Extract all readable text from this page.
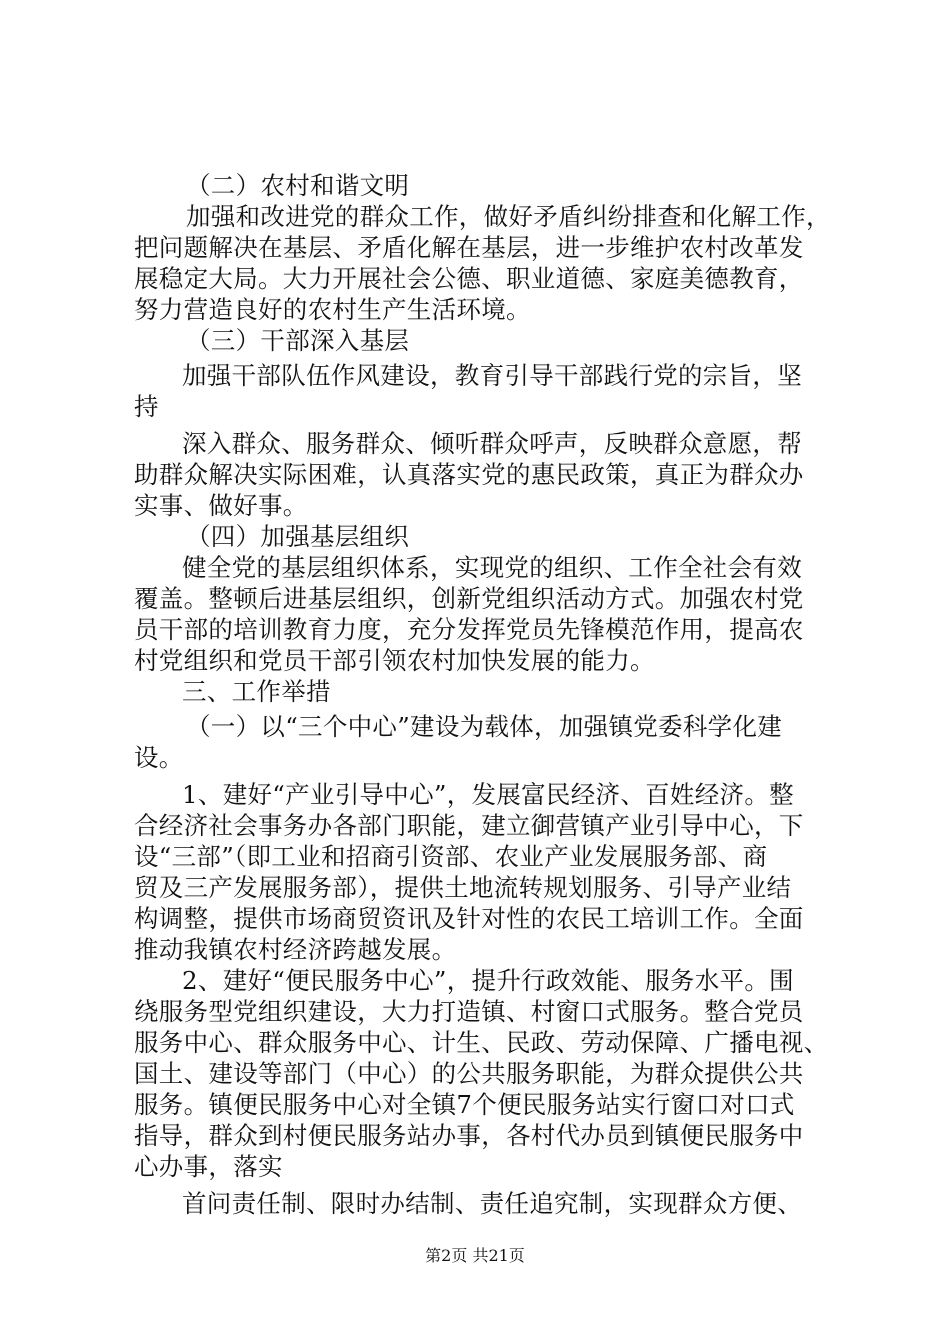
（二）农村和谐文明
加强和改进党的群众工作，做好矛盾纠纷排查和化解工作，
把问题解决在基层、矛盾化解在基层，进一步维护农村改革发
展稳定大局。大力开展社会公德、职业道德、家庭美德教育，
努力营造良好的农村生产生活环境。
（三）干部深入基层
加强干部队伍作风建设，教育引导干部践行党的宗旨，坚
持
深入群众、服务群众、倾听群众呼声，反映群众意愿，帮
助群众解决实际困难，认真落实党的惠民政策，真正为群众办
实事、做好事。
（四）加强基层组织
健全党的基层组织体系，实现党的组织、工作全社会有效
覆盖。整顿后进基层组织，创新党组织活动方式。加强农村党
员干部的培训教育力度，充分发挥党员先锋模范作用，提高农
村党组织和党员干部引领农村加快发展的能力。
三、工作举措
（一）以“三个中心”建设为载体，加强镇党委科学化建
设。
1、建好“产业引导中心”，发展富民经济、百姓经济。整
合经济社会事务办各部门职能，建立御营镇产业引导中心，下
设“三部”（即工业和招商引资部、农业产业发展服务部、商
贸及三产发展服务部），提供土地流转规划服务、引导产业结
构调整，提供市场商贸资讯及针对性的农民工培训工作。全面
推动我镇农村经济跨越发展。
2、建好“便民服务中心”，提升行政效能、服务水平。围
绕服务型党组织建设，大力打造镇、村窗口式服务。整合党员
服务中心、群众服务中心、计生、民政、劳动保障、广播电视、
国土、建设等部门（中心）的公共服务职能，为群众提供公共
服务。镇便民服务中心对全镇7个便民服务站实行窗口对口式
指导，群众到村便民服务站办事，各村代办员到镇便民服务中
心办事，落实
首问责任制、限时办结制、责任追究制，实现群众方便、
第2页 共21页
